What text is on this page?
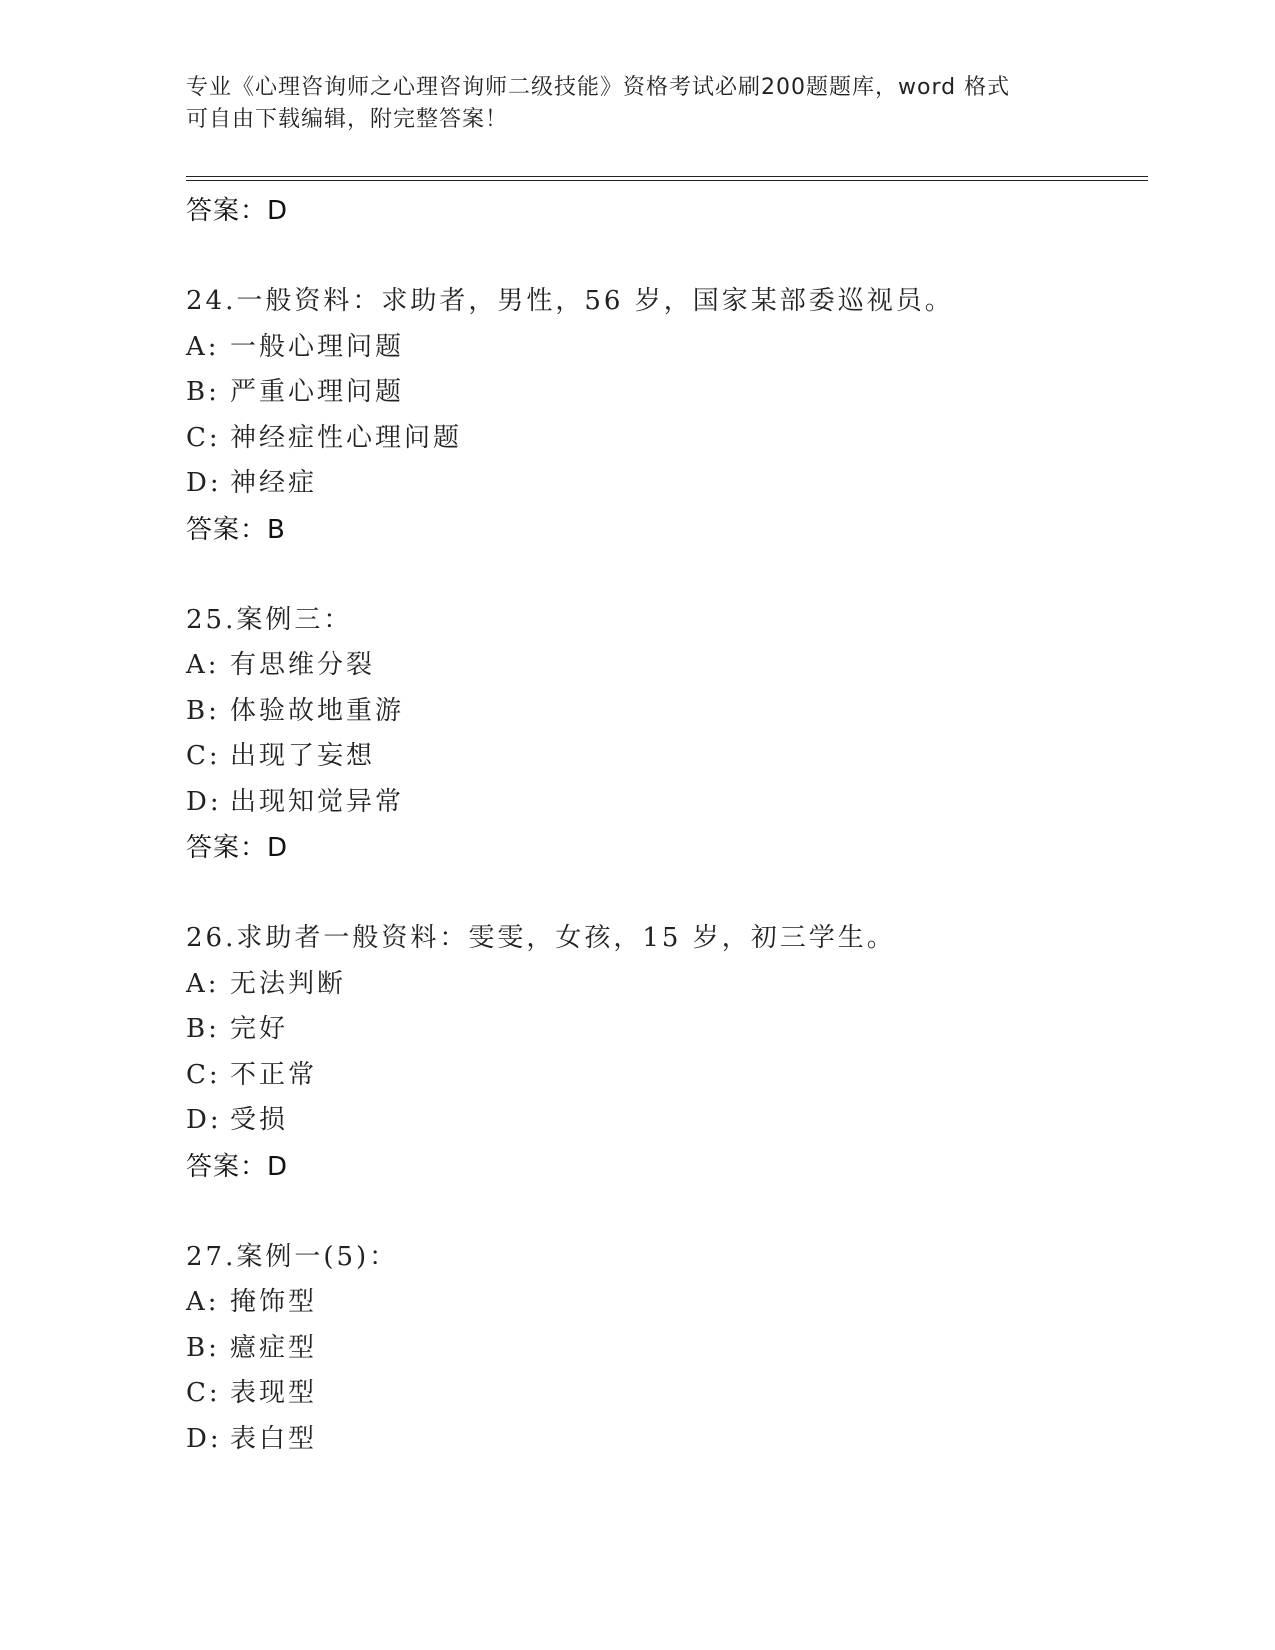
专业《心理咨询师之心理咨询师二级技能》资格考试必刷200题题库，word 格式
可自由下载编辑，附完整答案！
答案：D
24.一般资料：求助者，男性，56 岁，国家某部委巡视员。
A: 一般心理问题
B: 严重心理问题
C: 神经症性心理问题
D: 神经症
答案：B
25.案例三：
A: 有思维分裂
B: 体验故地重游
C: 出现了妄想
D: 出现知觉异常
答案：D
26.求助者一般资料：雯雯，女孩，15 岁，初三学生。
A: 无法判断
B: 完好
C: 不正常
D: 受损
答案：D
27.案例一(5)：
A: 掩饰型
B: 癔症型
C: 表现型
D: 表白型
